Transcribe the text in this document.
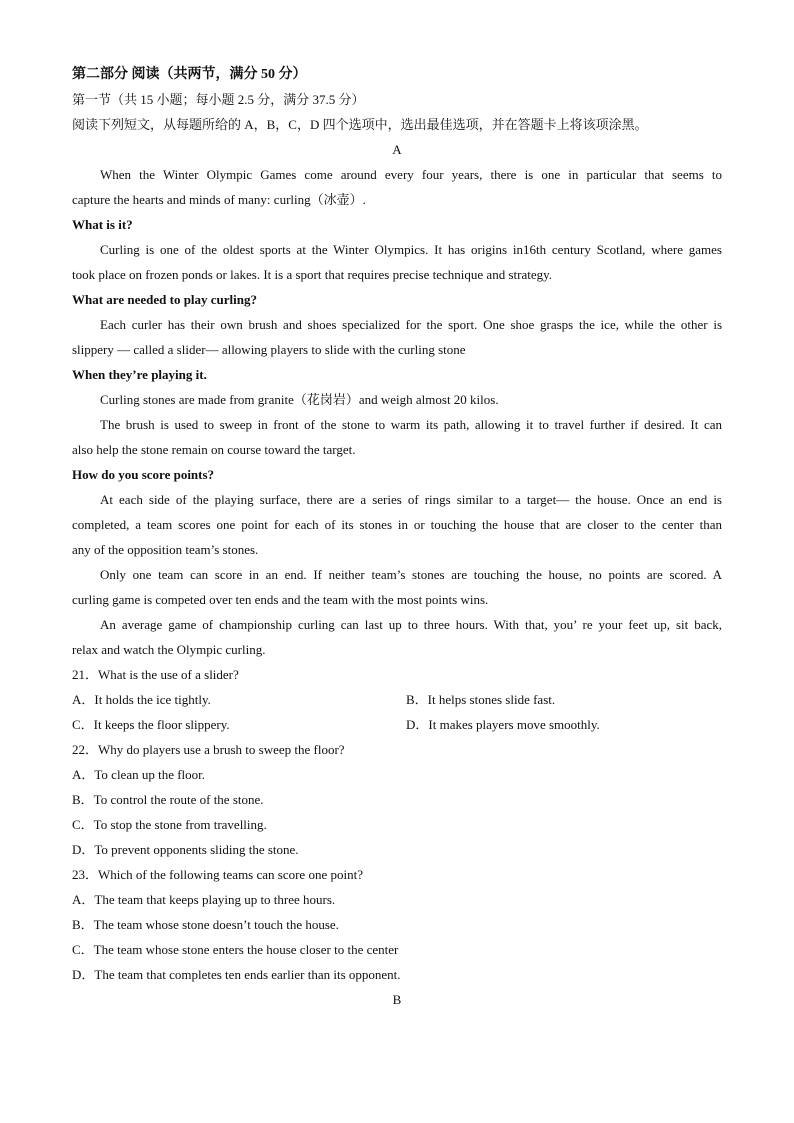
第二部分 阅读（共两节，满分 50 分）
第一节（共 15 小题；每小题 2.5 分，满分 37.5 分）
阅读下列短文，从每题所给的 A，B，C，D 四个选项中，选出最佳选项，并在答题卡上将该项涂黑。
A
When the Winter Olympic Games come around every four years, there is one in particular that seems to
capture the hearts and minds of many: curling（冰壶）.
What is it?
Curling is one of the oldest sports at the Winter Olympics. It has origins in16th century Scotland, where games
took place on frozen ponds or lakes. It is a sport that requires precise technique and strategy.
What are needed to play curling?
Each curler has their own brush and shoes specialized for the sport. One shoe grasps the ice, while the other is
slippery — called a slider— allowing players to slide with the curling stone
When they’re playing it.
Curling stones are made from granite（花岗岩）and weigh almost 20 kilos.
The brush is used to sweep in front of the stone to warm its path, allowing it to travel further if desired. It can
also help the stone remain on course toward the target.
How do you score points?
At each side of the playing surface, there are a series of rings similar to a target— the house. Once an end is
completed, a team scores one point for each of its stones in or touching the house that are closer to the center than
any of the opposition team’s stones.
Only one team can score in an end. If neither team’s stones are touching the house, no points are scored. A
curling game is competed over ten ends and the team with the most points wins.
An average game of championship curling can last up to three hours. With that, you’ re your feet up, sit back,
relax and watch the Olympic curling.
21．What is the use of a slider?
A．It holds the ice tightly.	B．It helps stones slide fast.
C．It keeps the floor slippery.	D．It makes players move smoothly.
22．Why do players use a brush to sweep the floor?
A．To clean up the floor.
B．To control the route of the stone.
C．To stop the stone from travelling.
D．To prevent opponents sliding the stone.
23．Which of the following teams can score one point?
A．The team that keeps playing up to three hours.
B．The team whose stone doesn’t touch the house.
C．The team whose stone enters the house closer to the center
D．The team that completes ten ends earlier than its opponent.
B
